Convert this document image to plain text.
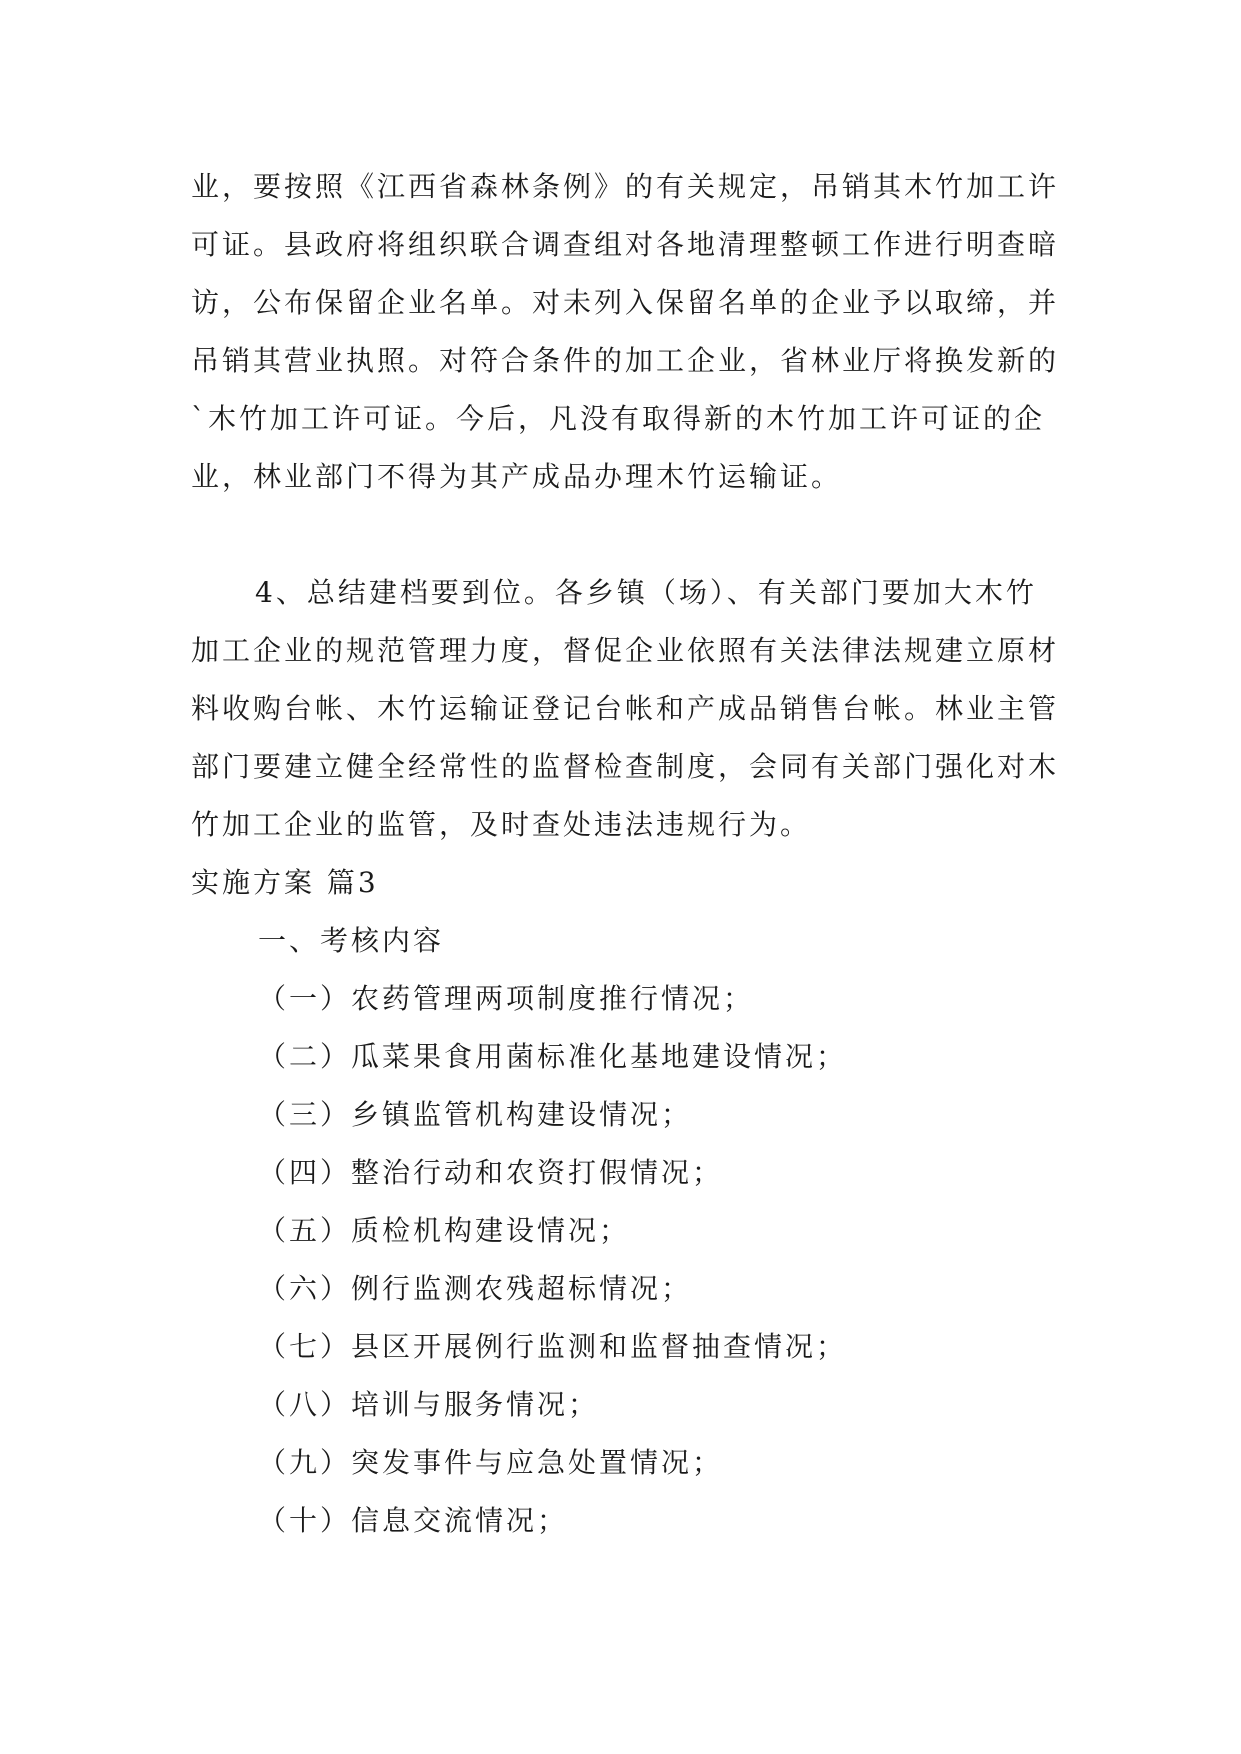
业，要按照《江西省森林条例》的有关规定，吊销其木竹加工许可证。县政府将组织联合调查组对各地清理整顿工作进行明查暗访，公布保留企业名单。对未列入保留名单的企业予以取缔，并吊销其营业执照。对符合条件的加工企业，省林业厅将换发新的`木竹加工许可证。今后，凡没有取得新的木竹加工许可证的企业，林业部门不得为其产成品办理木竹运输证。
4、总结建档要到位。各乡镇（场）、有关部门要加大木竹加工企业的规范管理力度，督促企业依照有关法律法规建立原材料收购台帐、木竹运输证登记台帐和产成品销售台帐。林业主管部门要建立健全经常性的监督检查制度，会同有关部门强化对木竹加工企业的监管，及时查处违法违规行为。
实施方案 篇3
一、考核内容
（一）农药管理两项制度推行情况；
（二）瓜菜果食用菌标准化基地建设情况；
（三）乡镇监管机构建设情况；
（四）整治行动和农资打假情况；
（五）质检机构建设情况；
（六）例行监测农残超标情况；
（七）县区开展例行监测和监督抽查情况；
（八）培训与服务情况；
（九）突发事件与应急处置情况；
（十）信息交流情况；
